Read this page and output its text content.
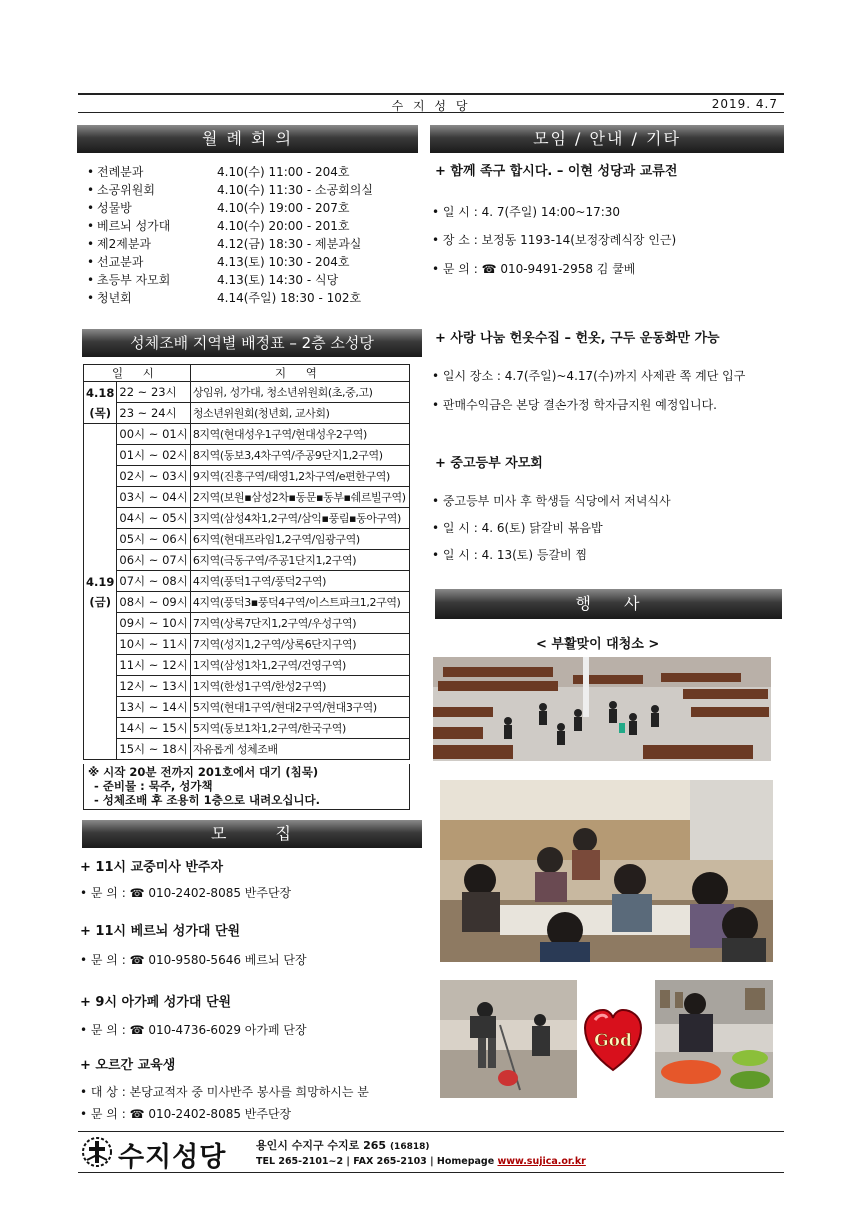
수 지 성 당	2019. 4.7
월 례 회 의
• 전례분과	4.10(수) 11:00 - 204호
• 소공위원회	4.10(수) 11:30 - 소공회의실
• 성물방	4.10(수) 19:00 - 207호
• 베르뇌 성가대	4.10(수) 20:00 - 201호
• 제2제분과	4.12(금) 18:30 - 제분과실
• 선교분과	4.13(토) 10:30 - 204호
• 초등부 자모회	4.13(토) 14:30 - 식당
• 청년회	4.14(주일) 18:30 - 102호
성체조배 지역별 배정표 – 2층 소성당
일 시		지 역
4.18 (목)	22 ~ 23시	상임위, 성가대, 청소년위원회(초,중,고)
	23 ~ 24시	청소년위원회(청년회, 교사회)
4.19 (금)	00시 ~ 01시	8지역(현대성우1구역/현대성우2구역)
	01시 ~ 02시	8지역(동보3,4차구역/주공9단지1,2구역)
	02시 ~ 03시	9지역(진흥구역/태영1,2차구역/e편한구역)
	03시 ~ 04시	2지역(보원▪삼성2차▪동문▪동부▪쉐르빌구역)
	04시 ~ 05시	3지역(삼성4차1,2구역/삼익▪풍림▪동아구역)
	05시 ~ 06시	6지역(현대프라임1,2구역/임광구역)
	06시 ~ 07시	6지역(극동구역/주공1단지1,2구역)
	07시 ~ 08시	4지역(풍덕1구역/풍덕2구역)
	08시 ~ 09시	4지역(풍덕3▪풍덕4구역/이스트파크1,2구역)
	09시 ~ 10시	7지역(상록7단지1,2구역/우성구역)
	10시 ~ 11시	7지역(성지1,2구역/상록6단지구역)
	11시 ~ 12시	1지역(삼성1차1,2구역/건영구역)
	12시 ~ 13시	1지역(한성1구역/한성2구역)
	13시 ~ 14시	5지역(현대1구역/현대2구역/현대3구역)
	14시 ~ 15시	5지역(동보1차1,2구역/한국구역)
	15시 ~ 18시	자유롭게 성체조배
※ 시작 20분 전까지 201호에서 대기 (침묵)
- 준비물 : 묵주, 성가책
- 성체조배 후 조용히 1층으로 내려오십니다.
모 집
+ 11시 교중미사 반주자
• 문 의 : ☎ 010-2402-8085 반주단장
+ 11시 베르뇌 성가대 단원
• 문 의 : ☎ 010-9580-5646 베르뇌 단장
+ 9시 아가페 성가대 단원
• 문 의 : ☎ 010-4736-6029 아가페 단장
+ 오르간 교육생
• 대 상 : 본당교적자 중 미사반주 봉사를 희망하시는 분
• 문 의 : ☎ 010-2402-8085 반주단장
모임 / 안내 / 기타
+ 함께 족구 합시다. – 이현 성당과 교류전
• 일 시 : 4. 7(주일) 14:00~17:30
• 장 소 : 보정동 1193-14(보정장례식장 인근)
• 문 의 : ☎ 010-9491-2958 김 쿨베
+ 사랑 나눔 헌옷수집 – 헌옷, 구두 운동화만 가능
• 일시 장소 : 4.7(주일)~4.17(수)까지 사제관 쪽 계단 입구
• 판매수익금은 본당 결손가정 학자금지원 예정입니다.
+ 중고등부 자모회
• 중고등부 미사 후 학생들 식당에서 저녁식사
• 일 시 : 4. 6(토) 닭갈비 볶음밥
• 일 시 : 4. 13(토) 등갈비 찜
행 사
< 부활맞이 대청소 >
God
수지성당	용인시 수지구 수지로 265 (16818)
TEL 265-2101~2 | FAX 265-2103 | Homepage www.sujica.or.kr
